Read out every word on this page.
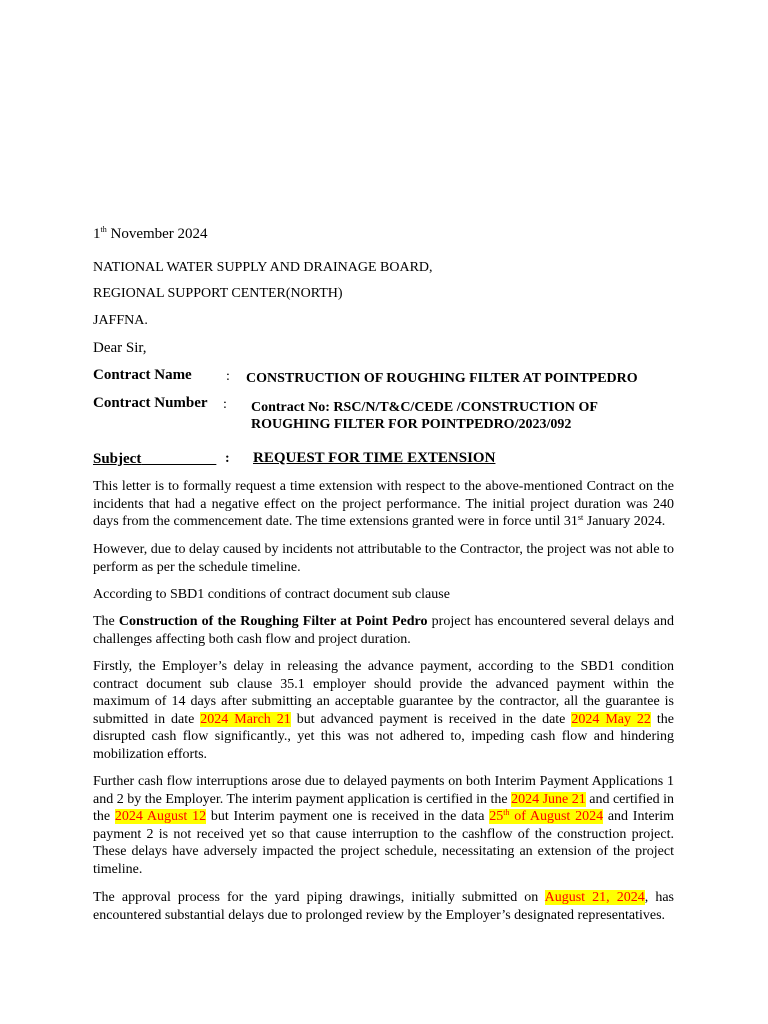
1th November 2024
NATIONAL WATER SUPPLY AND DRAINAGE BOARD,
REGIONAL SUPPORT CENTER(NORTH)
JAFFNA.
Dear Sir,
Contract Name : CONSTRUCTION OF ROUGHING FILTER AT POINTPEDRO
Contract Number : Contract No: RSC/N/T&C/CEDE /CONSTRUCTION OF
ROUGHING FILTER FOR POINTPEDRO/2023/092
Subject	: REQUEST FOR TIME EXTENSION
This letter is to formally request a time extension with respect to the above-mentioned Contract on the incidents that had a negative effect on the project performance. The initial project duration was 240 days from the commencement date. The time extensions granted were in force until 31st January 2024.
However, due to delay caused by incidents not attributable to the Contractor, the project was not able to perform as per the schedule timeline.
According to SBD1 conditions of contract document sub clause
The Construction of the Roughing Filter at Point Pedro project has encountered several delays and challenges affecting both cash flow and project duration.
Firstly, the Employer’s delay in releasing the advance payment, according to the SBD1 condition contract document sub clause 35.1 employer should provide the advanced payment within the maximum of 14 days after submitting an acceptable guarantee by the contractor, all the guarantee is submitted in date 2024 March 21 but advanced payment is received in the date 2024 May 22 the disrupted cash flow significantly., yet this was not adhered to, impeding cash flow and hindering mobilization efforts.
Further cash flow interruptions arose due to delayed payments on both Interim Payment Applications 1 and 2 by the Employer. The interim payment application is certified in the 2024 June 21 and certified in the 2024 August 12 but Interim payment one is received in the data 25th of August 2024 and Interim payment 2 is not received yet so that cause interruption to the cashflow of the construction project. These delays have adversely impacted the project schedule, necessitating an extension of the project timeline.
The approval process for the yard piping drawings, initially submitted on August 21, 2024, has encountered substantial delays due to prolonged review by the Employer’s designated representatives.
